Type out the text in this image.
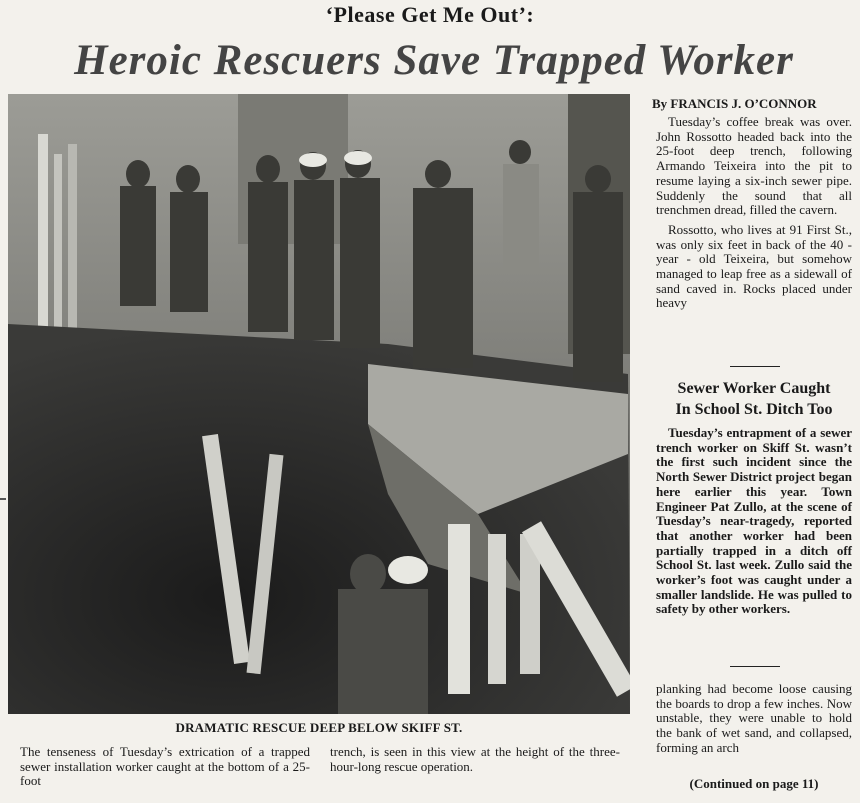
‘Please Get Me Out’:
Heroic Rescuers Save Trapped Worker
DRAMATIC RESCUE DEEP BELOW SKIFF ST.
The tenseness of Tuesday’s extrication of a trapped sewer installation worker caught at the bottom of a 25-foot
trench, is seen in this view at the height of the three-hour-long rescue operation.
By FRANCIS J. O’CONNOR

Tuesday’s coffee break was over. John Rossotto headed back into the 25-foot deep trench, following Armando Teixeira into the pit to resume laying a six-inch sewer pipe. Suddenly the sound that all trenchmen dread, filled the cavern.

Rossotto, who lives at 91 First St., was only six feet in back of the 40 - year - old Teixeira, but somehow managed to leap free as a sidewall of sand caved in. Rocks placed under heavy

Sewer Worker Caught
In School St. Ditch Too

Tuesday’s entrapment of a sewer trench worker on Skiff St. wasn’t the first such incident since the North Sewer District project began here earlier this year. Town Engineer Pat Zullo, at the scene of Tuesday’s near-tragedy, reported that another worker had been partially trapped in a ditch off School St. last week. Zullo said the worker’s foot was caught under a smaller landslide. He was pulled to safety by other workers.

planking had become loose causing the boards to drop a few inches. Now unstable, they were unable to hold the bank of wet sand, and collapsed, forming an arch

(Continued on page 11)
